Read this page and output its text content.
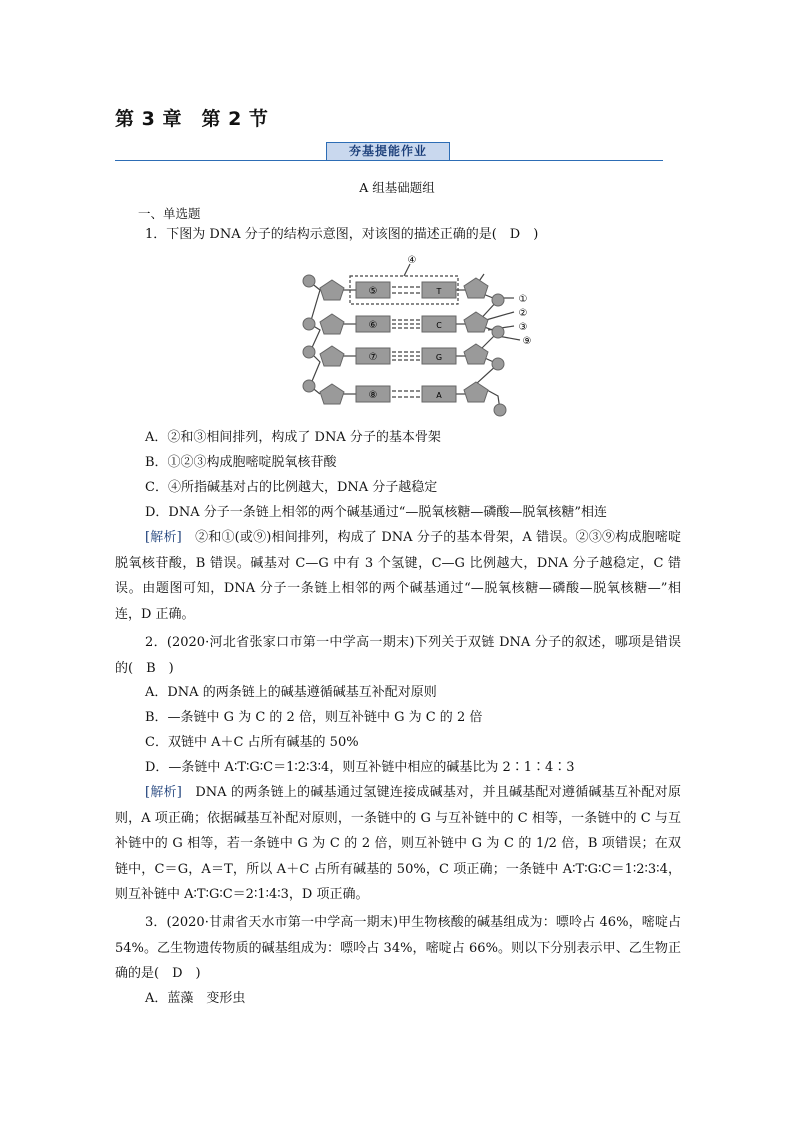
第 3 章　第 2 节
夯基提能作业
A 组基础题组
一、单选题
1．下图为 DNA 分子的结构示意图，对该图的描述正确的是(　D　)
⑤
⑥
⑦
⑧
T
C
G
A
④
①
②
③
⑨
A．②和③相间排列，构成了 DNA 分子的基本骨架
B．①②③构成胞嘧啶脱氧核苷酸
C．④所指碱基对占的比例越大，DNA 分子越稳定
D．DNA 分子一条链上相邻的两个碱基通过“—脱氧核糖—磷酸—脱氧核糖”相连
[解析]　②和①(或⑨)相间排列，构成了 DNA 分子的基本骨架，A 错误。②③⑨构成胞嘧啶脱氧核苷酸，B 错误。碱基对 C—G 中有 3 个氢键，C—G 比例越大，DNA 分子越稳定，C 错误。由题图可知，DNA 分子一条链上相邻的两个碱基通过“—脱氧核糖—磷酸—脱氧核糖—”相连，D 正确。
2．(2020·河北省张家口市第一中学高一期末)下列关于双链 DNA 分子的叙述，哪项是错误的(　B　)
A．DNA 的两条链上的碱基遵循碱基互补配对原则
B．—条链中 G 为 C 的 2 倍，则互补链中 G 为 C 的 2 倍
C．双链中 A＋C 占所有碱基的 50%
D．—条链中 A∶T∶G∶C＝1∶2∶3∶4，则互补链中相应的碱基比为 2∶1∶4∶3
[解析]　DNA 的两条链上的碱基通过氢键连接成碱基对，并且碱基配对遵循碱基互补配对原则，A 项正确；依据碱基互补配对原则，一条链中的 G 与互补链中的 C 相等，一条链中的 C 与互补链中的 G 相等，若一条链中 G 为 C 的 2 倍，则互补链中 G 为 C 的 1/2 倍，B 项错误；在双链中，C＝G，A＝T，所以 A＋C 占所有碱基的 50%，C 项正确；一条链中 A∶T∶G∶C＝1∶2∶3∶4，则互补链中 A∶T∶G∶C＝2∶1∶4∶3，D 项正确。
3．(2020·甘肃省天水市第一中学高一期末)甲生物核酸的碱基组成为：嘌呤占 46%，嘧啶占 54%。乙生物遗传物质的碱基组成为：嘌呤占 34%，嘧啶占 66%。则以下分别表示甲、乙生物正确的是(　D　)
A．蓝藻　变形虫
